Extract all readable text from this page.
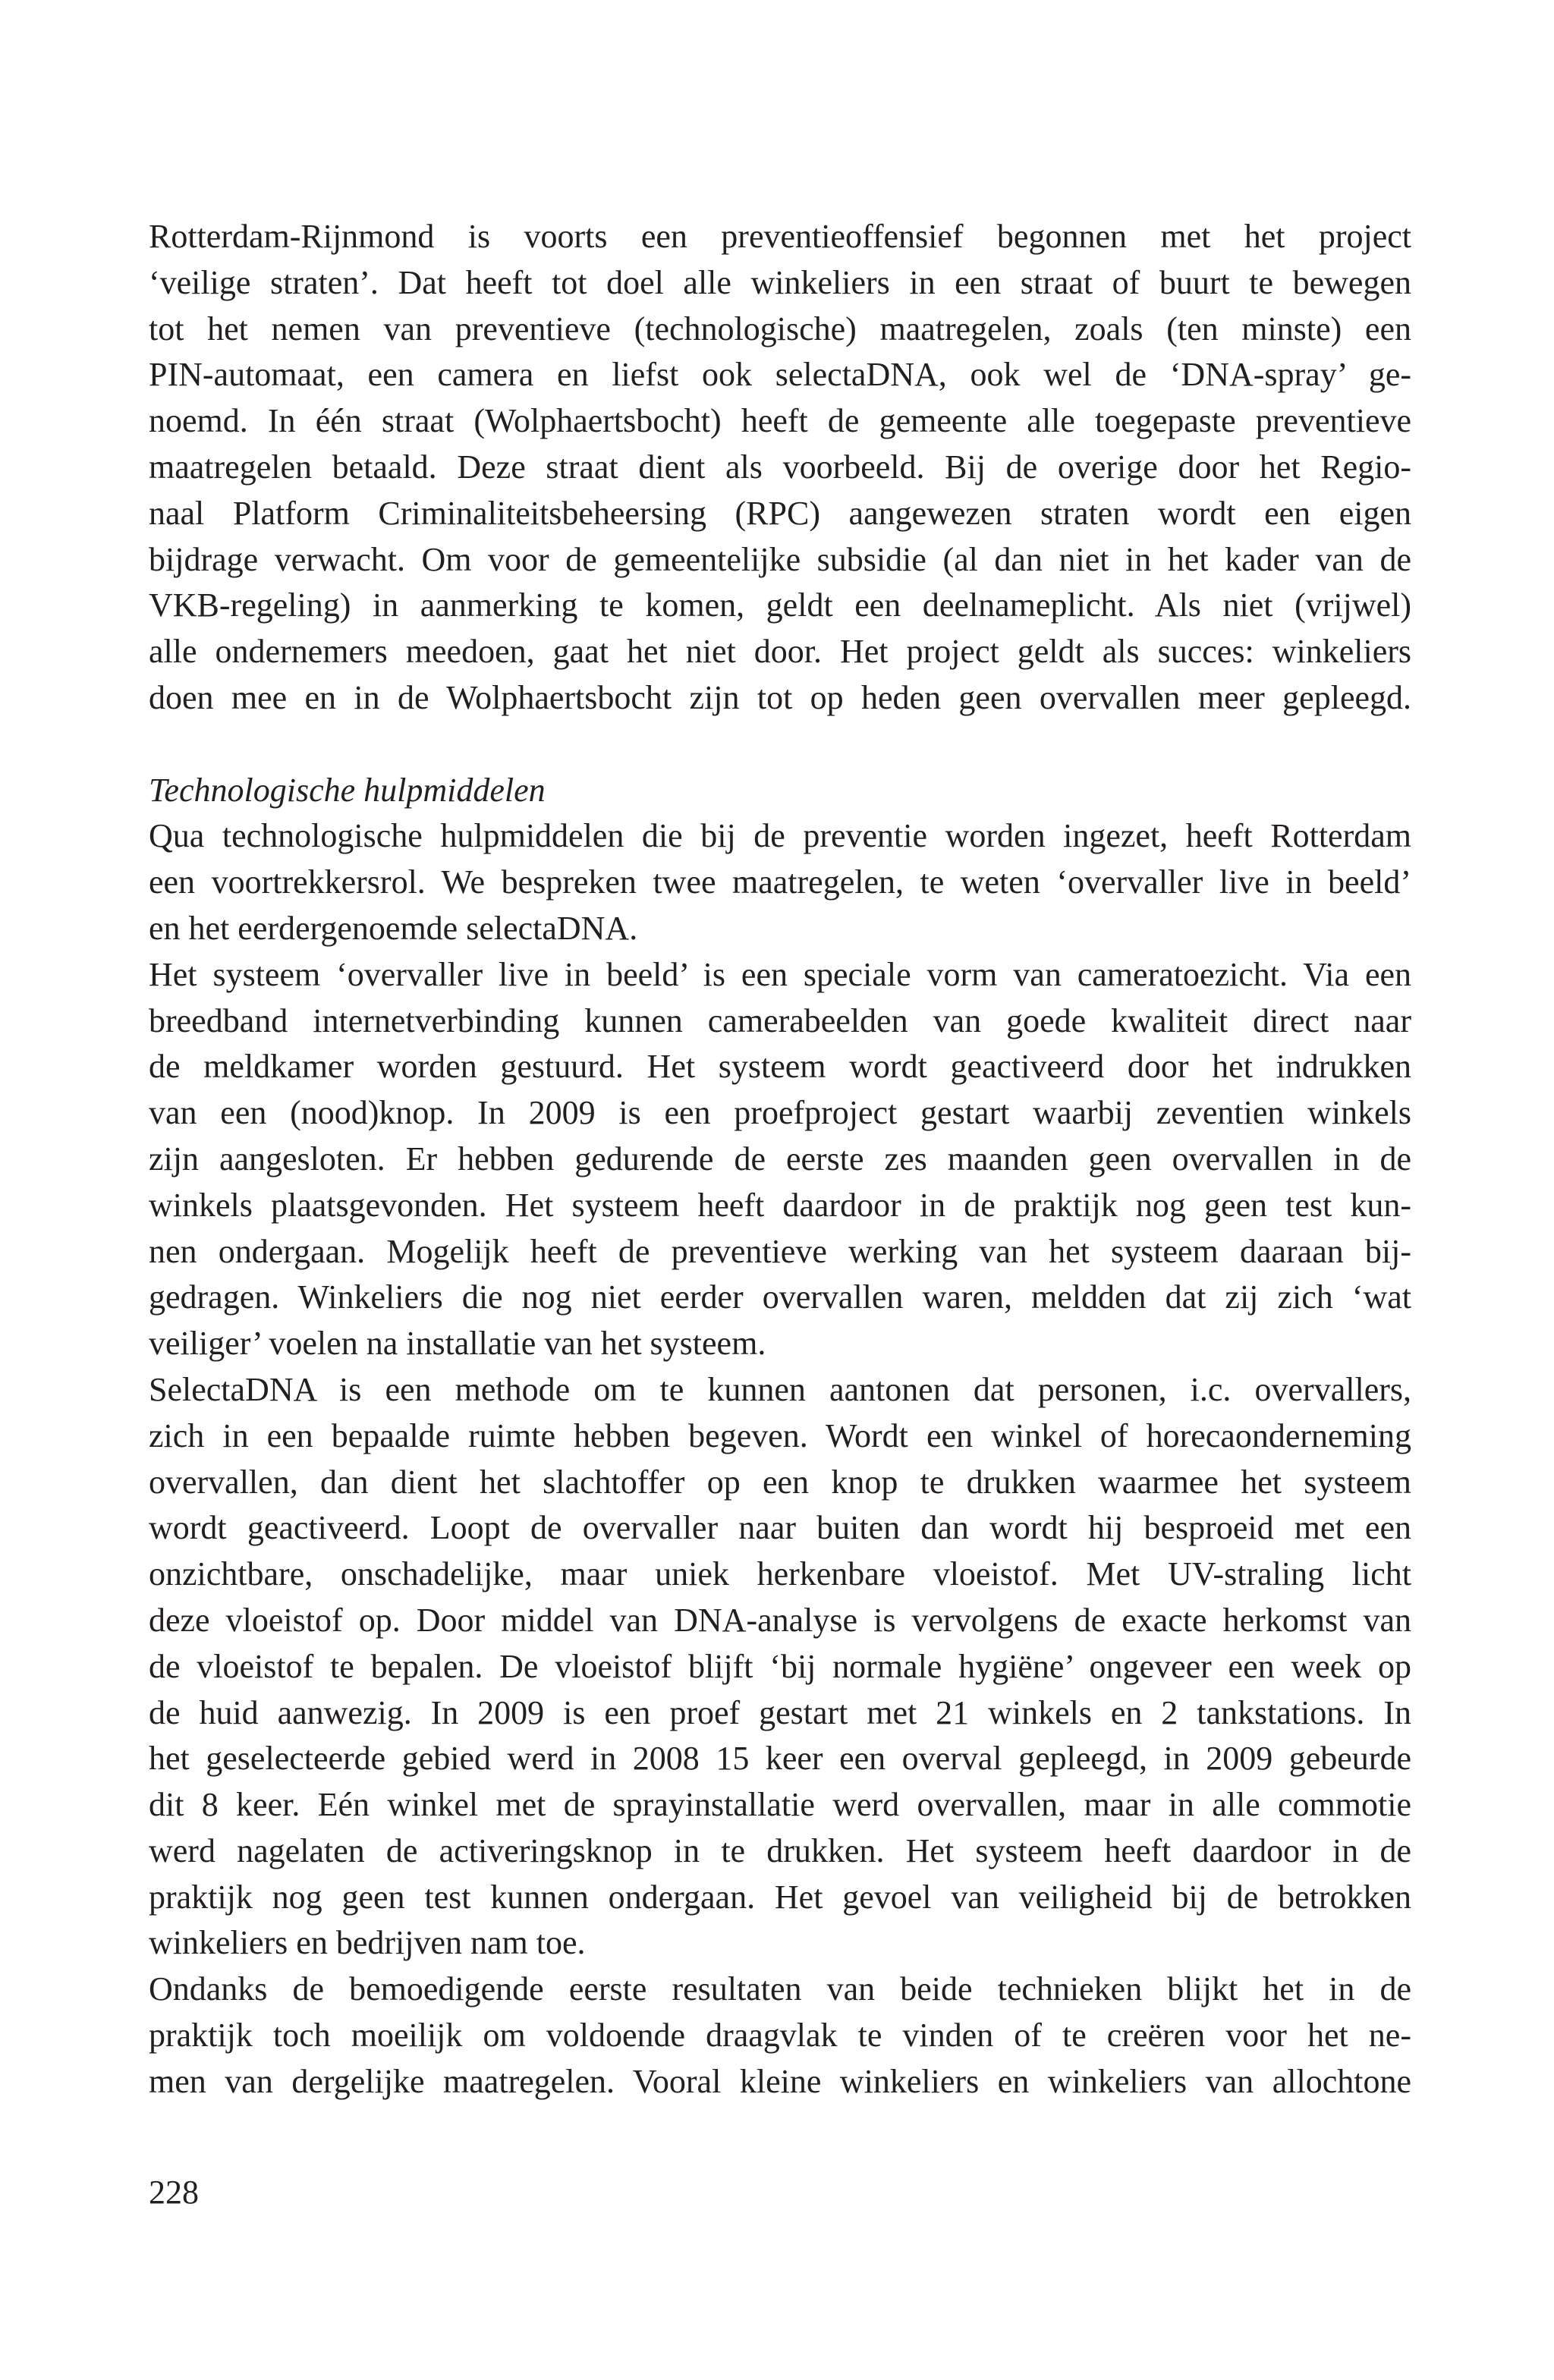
Rotterdam-Rijnmond is voorts een preventieoffensief begonnen met het project
‘veilige straten’. Dat heeft tot doel alle winkeliers in een straat of buurt te bewegen
tot het nemen van preventieve (technologische) maatregelen, zoals (ten minste) een
PIN-automaat, een camera en liefst ook selectaDNA, ook wel de ‘DNA-spray’ ge-
noemd. In één straat (Wolphaertsbocht) heeft de gemeente alle toegepaste preventieve
maatregelen betaald. Deze straat dient als voorbeeld. Bij de overige door het Regio-
naal Platform Criminaliteitsbeheersing (RPC) aangewezen straten wordt een eigen
bijdrage verwacht. Om voor de gemeentelijke subsidie (al dan niet in het kader van de
VKB-regeling) in aanmerking te komen, geldt een deelnameplicht. Als niet (vrijwel)
alle ondernemers meedoen, gaat het niet door. Het project geldt als succes: winkeliers
doen mee en in de Wolphaertsbocht zijn tot op heden geen overvallen meer gepleegd.
Technologische hulpmiddelen
Qua technologische hulpmiddelen die bij de preventie worden ingezet, heeft Rotterdam
een voortrekkersrol. We bespreken twee maatregelen, te weten ‘overvaller live in beeld’
en het eerdergenoemde selectaDNA.
Het systeem ‘overvaller live in beeld’ is een speciale vorm van cameratoezicht. Via een
breedband internetverbinding kunnen camerabeelden van goede kwaliteit direct naar
de meldkamer worden gestuurd. Het systeem wordt geactiveerd door het indrukken
van een (nood)knop. In 2009 is een proefproject gestart waarbij zeventien winkels
zijn aangesloten. Er hebben gedurende de eerste zes maanden geen overvallen in de
winkels plaatsgevonden. Het systeem heeft daardoor in de praktijk nog geen test kun-
nen ondergaan. Mogelijk heeft de preventieve werking van het systeem daaraan bij-
gedragen. Winkeliers die nog niet eerder overvallen waren, meldden dat zij zich ‘wat
veiliger’ voelen na installatie van het systeem.
SelectaDNA is een methode om te kunnen aantonen dat personen, i.c. overvallers,
zich in een bepaalde ruimte hebben begeven. Wordt een winkel of horecaonderneming
overvallen, dan dient het slachtoffer op een knop te drukken waarmee het systeem
wordt geactiveerd. Loopt de overvaller naar buiten dan wordt hij besproeid met een
onzichtbare, onschadelijke, maar uniek herkenbare vloeistof. Met UV-straling licht
deze vloeistof op. Door middel van DNA-analyse is vervolgens de exacte herkomst van
de vloeistof te bepalen. De vloeistof blijft ‘bij normale hygiëne’ ongeveer een week op
de huid aanwezig. In 2009 is een proef gestart met 21 winkels en 2 tankstations. In
het geselecteerde gebied werd in 2008 15 keer een overval gepleegd, in 2009 gebeurde
dit 8 keer. Eén winkel met de sprayinstallatie werd overvallen, maar in alle commotie
werd nagelaten de activeringsknop in te drukken. Het systeem heeft daardoor in de
praktijk nog geen test kunnen ondergaan. Het gevoel van veiligheid bij de betrokken
winkeliers en bedrijven nam toe.
Ondanks de bemoedigende eerste resultaten van beide technieken blijkt het in de
praktijk toch moeilijk om voldoende draagvlak te vinden of te creëren voor het ne-
men van dergelijke maatregelen. Vooral kleine winkeliers en winkeliers van allochtone
228
